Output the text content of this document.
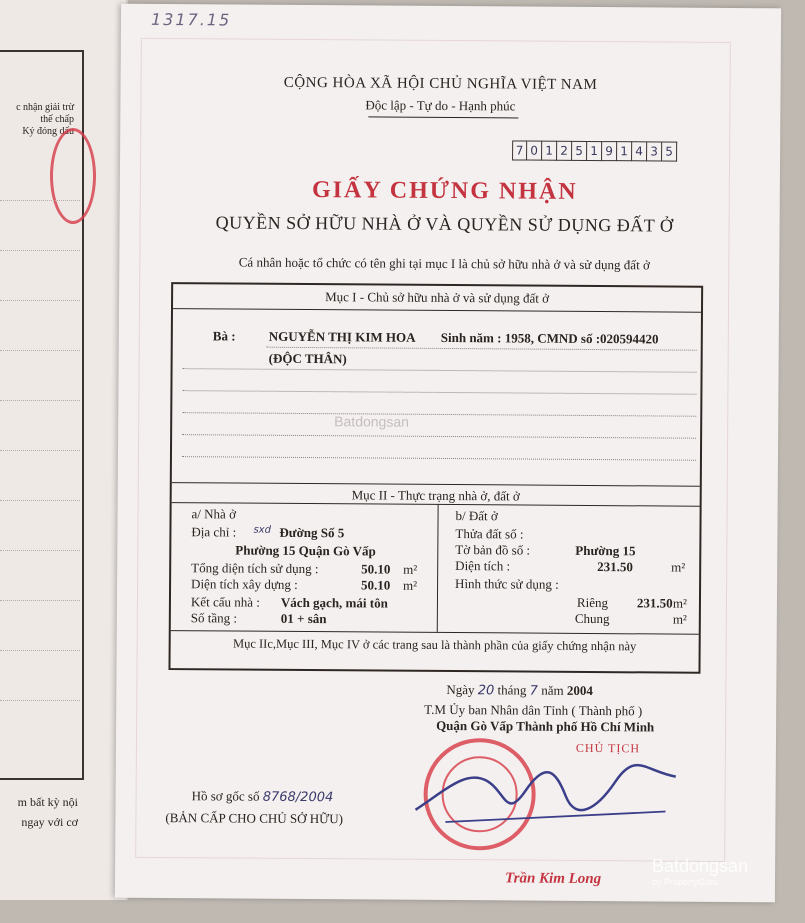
c nhận giải trừ
thế chấp
Ký đóng dấu
m bất kỳ nội
ngay với cơ
1317.15
CỘNG HÒA XÃ HỘI CHỦ NGHĨA VIỆT NAM
Độc lập - Tự do - Hạnh phúc
7 0 1 2 5 1 9 1 4 3 5
GIẤY CHỨNG NHẬN
QUYỀN SỞ HỮU NHÀ Ở VÀ QUYỀN SỬ DỤNG ĐẤT Ở
Cá nhân hoặc tổ chức có tên ghi tại mục I là chủ sở hữu nhà ở và sử dụng đất ở
Batdongsan
Mục I - Chủ sở hữu nhà ở và sử dụng đất ở
Bà :	NGUYỄN THỊ KIM HOA Sinh năm : 1958, CMND số :020594420
(ĐỘC THÂN)
Mục II - Thực trạng nhà ở, đất ở
a/ Nhà ở
Địa chỉ : sxd Đường Số 5
Phường 15 Quận Gò Vấp
Tổng diện tích sử dụng :	50.10 m²
Diện tích xây dựng :	50.10 m²
Kết cấu nhà : Vách gạch, mái tôn
Số tầng :	01 + sân
b/ Đất ở
Thửa đất số :
Tờ bản đồ số :	Phường 15
Diện tích :	231.50	m²
Hình thức sử dụng :
Riêng 231.50 m²
Chung	m²
Mục IIc,Mục III, Mục IV ở các trang sau là thành phần của giấy chứng nhận này
Ngày 20 tháng 7 năm 2004
T.M Ủy ban Nhân dân Tỉnh ( Thành phố )
Quận Gò Vấp Thành phố Hồ Chí Minh
CHỦ TỊCH
Hồ sơ gốc số 8768/2004
(BẢN CẤP CHO CHỦ SỞ HỮU)
Trần Kim Long
Batdongsan
by PropertyGuru
